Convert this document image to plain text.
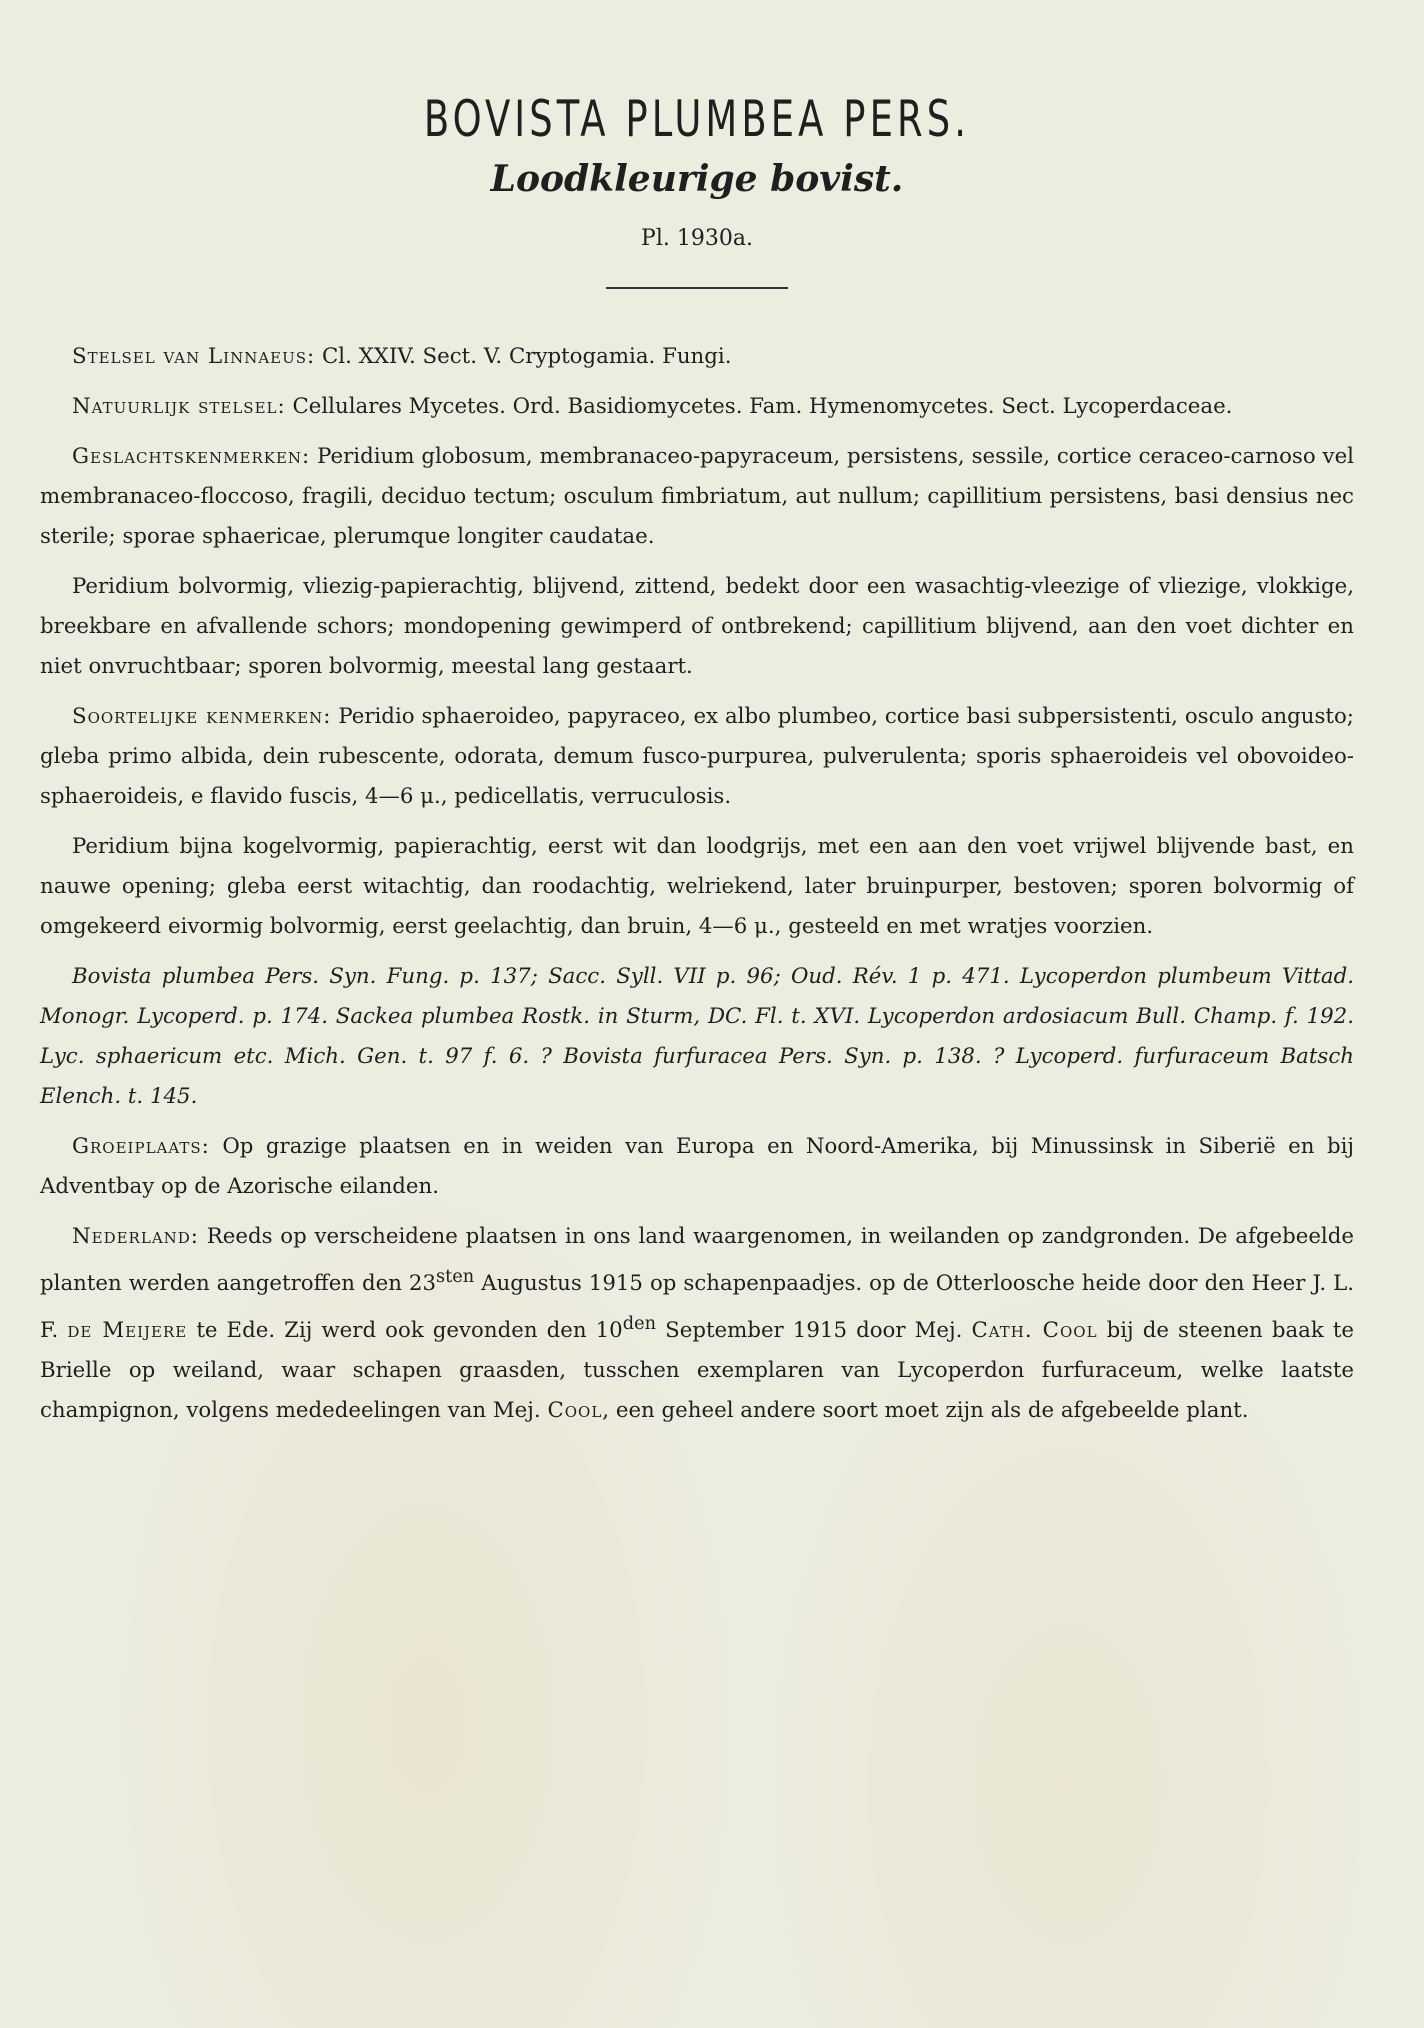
BOVISTA PLUMBEA PERS.
Loodkleurige bovist.
Pl. 1930a.

Stelsel van Linnaeus: Cl. XXIV. Sect. V. Cryptogamia. Fungi.

Natuurlijk stelsel: Cellulares Mycetes. Ord. Basidiomycetes. Fam. Hymenomycetes. Sect. Lycoperdaceae.

Geslachtskenmerken: Peridium globosum, membranaceo-papyraceum, persistens, sessile, cortice ceraceo-carnoso vel membranaceo-floccoso, fragili, deciduo tectum; osculum fimbriatum, aut nullum; capillitium persistens, basi densius nec sterile; sporae sphaericae, plerumque longiter caudatae.

Peridium bolvormig, vliezig-papierachtig, blijvend, zittend, bedekt door een wasachtig-vleezige of vliezige, vlokkige, breekbare en afvallende schors; mondopening gewimperd of ontbrekend; capillitium blijvend, aan den voet dichter en niet onvruchtbaar; sporen bolvormig, meestal lang gestaart.

Soortelijke kenmerken: Peridio sphaeroideo, papyraceo, ex albo plumbeo, cortice basi subpersistenti, osculo angusto; gleba primo albida, dein rubescente, odorata, demum fusco-purpurea, pulverulenta; sporis sphaeroideis vel obovoideo-sphaeroideis, e flavido fuscis, 4—6 μ., pedicellatis, verruculosis.

Peridium bijna kogelvormig, papierachtig, eerst wit dan loodgrijs, met een aan den voet vrijwel blijvende bast, en nauwe opening; gleba eerst witachtig, dan roodachtig, welriekend, later bruinpurper, bestoven; sporen bolvormig of omgekeerd eivormig bolvormig, eerst geelachtig, dan bruin, 4—6 μ., gesteeld en met wratjes voorzien.

Bovista plumbea Pers. Syn. Fung. p. 137; Sacc. Syll. VII p. 96; Oud. Rév. 1 p. 471. Lycoperdon plumbeum Vittad. Monogr. Lycoperd. p. 174. Sackea plumbea Rostk. in Sturm, DC. Fl. t. XVI. Lycoperdon ardosiacum Bull. Champ. f. 192. Lyc. sphaericum etc. Mich. Gen. t. 97 f. 6. ? Bovista furfuracea Pers. Syn. p. 138. ? Lycoperd. furfuraceum Batsch Elench. t. 145.

Groeiplaats: Op grazige plaatsen en in weiden van Europa en Noord-Amerika, bij Minussinsk in Siberië en bij Adventbay op de Azorische eilanden.

Nederland: Reeds op verscheidene plaatsen in ons land waargenomen, in weilanden op zandgronden. De afgebeelde planten werden aangetroffen den $23^{sten}$ Augustus 1915 op schapenpaadjes. op de Otterloosche heide door den Heer J. L. F. de Meijere te Ede. Zij werd ook gevonden den $10^{den}$ September 1915 door Mej. Cath. Cool bij de steenen baak te Brielle op weiland, waar schapen graasden, tusschen exemplaren van Lycoperdon furfuraceum, welke laatste champignon, volgens mededeelingen van Mej. Cool, een geheel andere soort moet zijn als de afgebeelde plant.
